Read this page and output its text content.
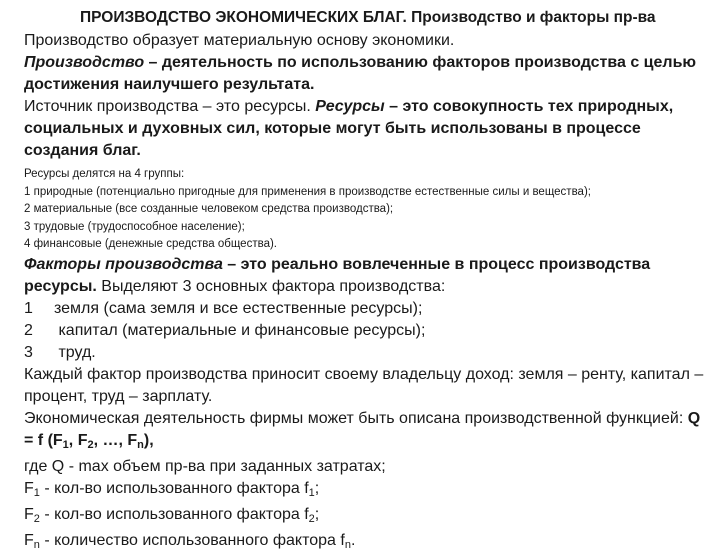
ПРОИЗВОДСТВО ЭКОНОМИЧЕСКИХ БЛАГ. Производство и факторы пр-ва

Производство образует материальную основу экономики.

Производство – деятельность по использованию факторов производства с целью достижения наилучшего результата.

Источник производства – это ресурсы. Ресурсы – это совокупность тех природных, социальных и духовных сил, которые могут быть использованы в процессе создания благ.

Ресурсы делятся на 4 группы:

1 природные (потенциально пригодные для применения в производстве естественные силы и вещества);

2 материальные (все созданные человеком средства производства);

3 трудовые (трудоспособное население);

4 финансовые (денежные средства общества).

Факторы производства – это реально вовлеченные в процесс производства ресурсы. Выделяют 3 основных фактора производства:

1 земля (сама земля и все естественные ресурсы);

2 капитал (материальные и финансовые ресурсы);

3 труд.

Каждый фактор производства приносит своему владельцу доход: земля – ренту, капитал – процент, труд – зарплату.

Экономическая деятельность фирмы может быть описана производственной функцией: Q = f ($F_1$, $F_2$, …, $F_n$),

где Q - max объем пр-ва при заданных затратах;

$F_1 - кол-во$ использованного фактора $f_1$;

$F_2 - кол-во$ использованного фактора $f_2$;

$F_n$ - количество использованного фактора $f_n$.
